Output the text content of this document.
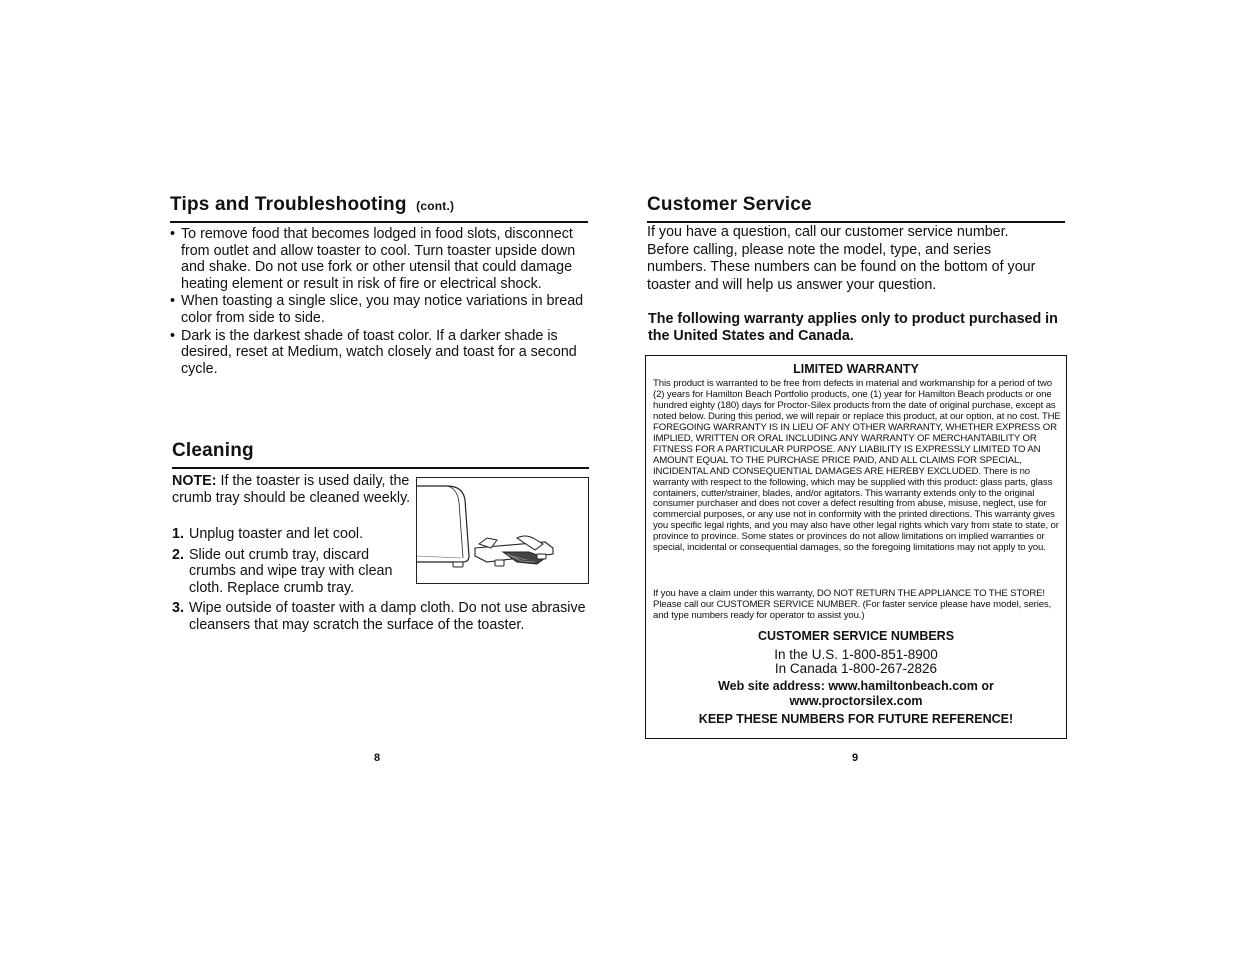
Tips and Troubleshooting (cont.)
• To remove food that becomes lodged in food slots, disconnect from outlet and allow toaster to cool. Turn toaster upside down and shake. Do not use fork or other utensil that could damage heating element or result in risk of fire or electrical shock.
• When toasting a single slice, you may notice variations in bread color from side to side.
• Dark is the darkest shade of toast color. If a darker shade is desired, reset at Medium, watch closely and toast for a second cycle.
Cleaning

NOTE: If the toaster is used daily, the crumb tray should be cleaned weekly.

1. Unplug toaster and let cool.
2. Slide out crumb tray, discard crumbs and wipe tray with clean cloth. Replace crumb tray.
3. Wipe outside of toaster with a damp cloth. Do not use abrasive cleansers that may scratch the surface of the toaster.
8
Customer Service

If you have a question, call our customer service number. Before calling, please note the model, type, and series numbers. These numbers can be found on the bottom of your toaster and will help us answer your question.

The following warranty applies only to product purchased in the United States and Canada.

LIMITED WARRANTY

This product is warranted to be free from defects in material and workmanship for a period of two (2) years for Hamilton Beach Portfolio products, one (1) year for Hamilton Beach products or one hundred eighty (180) days for Proctor-Silex products from the date of original purchase, except as noted below. During this period, we will repair or replace this product, at our option, at no cost. THE FOREGOING WARRANTY IS IN LIEU OF ANY OTHER WARRANTY, WHETHER EXPRESS OR IMPLIED, WRITTEN OR ORAL INCLUDING ANY WARRANTY OF MERCHANTABILITY OR FITNESS FOR A PARTICULAR PURPOSE. ANY LIABILITY IS EXPRESSLY LIMITED TO AN AMOUNT EQUAL TO THE PURCHASE PRICE PAID, AND ALL CLAIMS FOR SPECIAL, INCIDENTAL AND CONSEQUENTIAL DAMAGES ARE HEREBY EXCLUDED. There is no warranty with respect to the following, which may be supplied with this product: glass parts, glass containers, cutter/strainer, blades, and/or agitators. This warranty extends only to the original consumer purchaser and does not cover a defect resulting from abuse, misuse, neglect, use for commercial purposes, or any use not in conformity with the printed directions. This warranty gives you specific legal rights, and you may also have other legal rights which vary from state to state, or province to province. Some states or provinces do not allow limitations on implied warranties or special, incidental or consequential damages, so the foregoing limitations may not apply to you.

If you have a claim under this warranty, DO NOT RETURN THE APPLIANCE TO THE STORE! Please call our CUSTOMER SERVICE NUMBER. (For faster service please have model, series, and type numbers ready for operator to assist you.)

CUSTOMER SERVICE NUMBERS
In the U.S. 1-800-851-8900
In Canada 1-800-267-2826
Web site address: www.hamiltonbeach.com or
www.proctorsilex.com
KEEP THESE NUMBERS FOR FUTURE REFERENCE!
9
